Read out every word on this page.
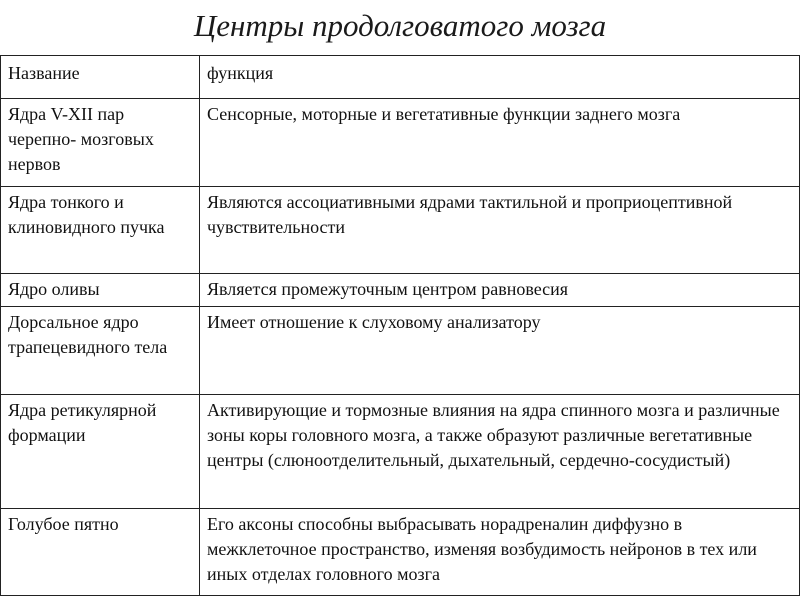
Центры продолговатого мозга
Название	функция
Ядра V-XII пар черепно- мозговых нервов	Сенсорные, моторные и вегетативные функции заднего мозга
Ядра тонкого и клиновидного пучка	Являются ассоциативными ядрами тактильной и проприоцептивной чувствительности
Ядро оливы	Является промежуточным центром равновесия
Дорсальное ядро трапецевидного тела	Имеет отношение к слуховому анализатору
Ядра ретикулярной формации	Активирующие и тормозные влияния на ядра спинного мозга и различные зоны коры головного мозга, а также образуют различные вегетативные центры (слюноотделительный, дыхательный, сердечно-сосудистый)
Голубое пятно	Его аксоны способны выбрасывать норадреналин диффузно в межклеточное пространство, изменяя возбудимость нейронов в тех или иных отделах головного мозга
